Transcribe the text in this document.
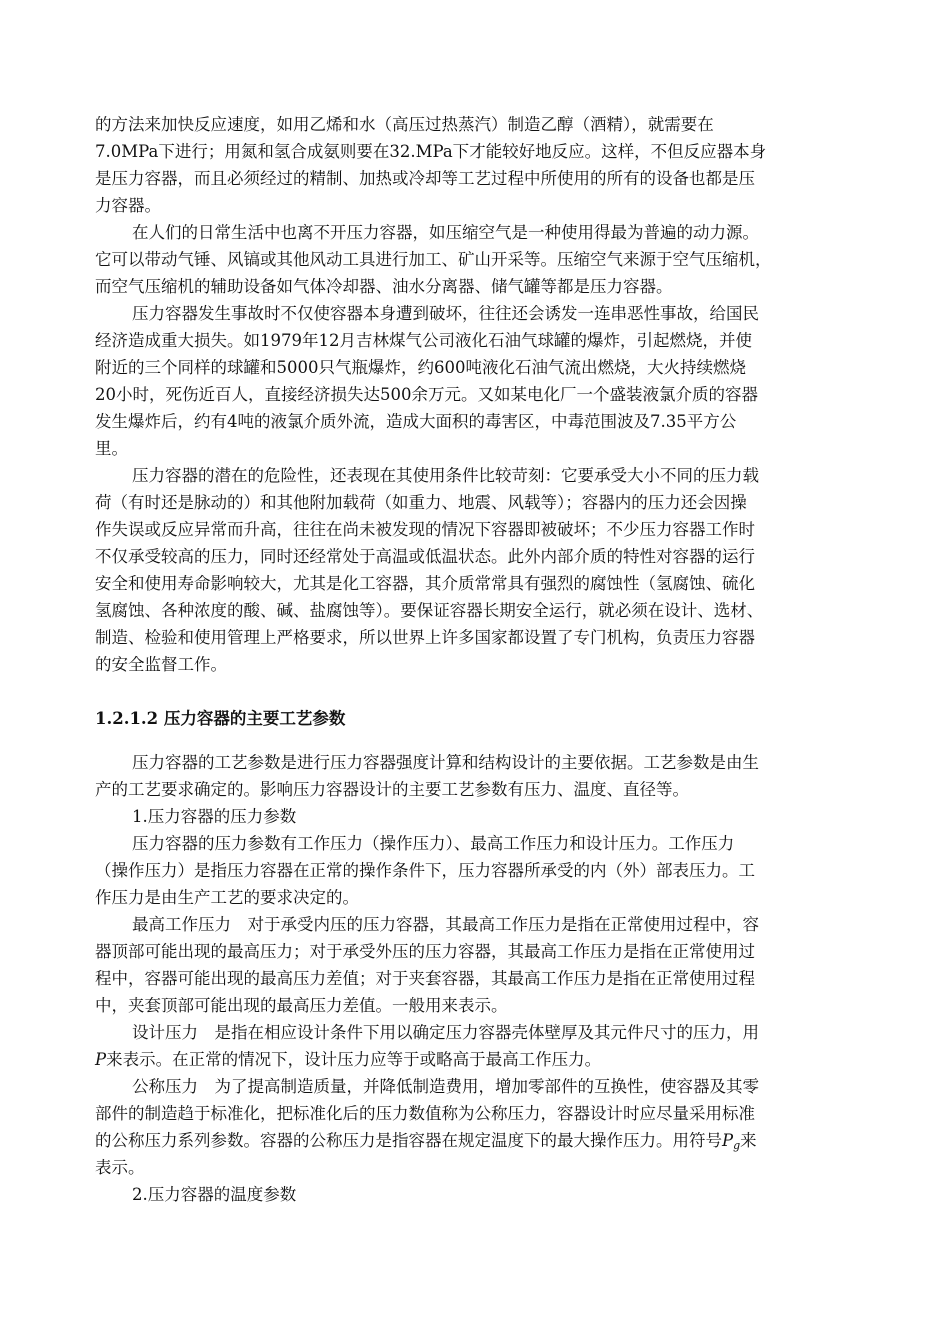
的方法来加快反应速度，如用乙烯和水（高压过热蒸汽）制造乙醇（酒精），就需要在
7.0MPa下进行；用氮和氢合成氨则要在32.MPa下才能较好地反应。这样，不但反应器本身
是压力容器，而且必须经过的精制、加热或冷却等工艺过程中所使用的所有的设备也都是压
力容器。
在人们的日常生活中也离不开压力容器，如压缩空气是一种使用得最为普遍的动力源。
它可以带动气锤、风镐或其他风动工具进行加工、矿山开采等。压缩空气来源于空气压缩机，
而空气压缩机的辅助设备如气体冷却器、油水分离器、储气罐等都是压力容器。
压力容器发生事故时不仅使容器本身遭到破坏，往往还会诱发一连串恶性事故，给国民
经济造成重大损失。如1979年12月吉林煤气公司液化石油气球罐的爆炸，引起燃烧，并使
附近的三个同样的球罐和5000只气瓶爆炸，约600吨液化石油气流出燃烧，大火持续燃烧
20小时，死伤近百人，直接经济损失达500余万元。又如某电化厂一个盛装液氯介质的容器
发生爆炸后，约有4吨的液氯介质外流，造成大面积的毒害区，中毒范围波及7.35平方公
里。
压力容器的潜在的危险性，还表现在其使用条件比较苛刻：它要承受大小不同的压力载
荷（有时还是脉动的）和其他附加载荷（如重力、地震、风载等）；容器内的压力还会因操
作失误或反应异常而升高，往往在尚未被发现的情况下容器即被破坏；不少压力容器工作时
不仅承受较高的压力，同时还经常处于高温或低温状态。此外内部介质的特性对容器的运行
安全和使用寿命影响较大，尤其是化工容器，其介质常常具有强烈的腐蚀性（氢腐蚀、硫化
氢腐蚀、各种浓度的酸、碱、盐腐蚀等）。要保证容器长期安全运行，就必须在设计、选材、
制造、检验和使用管理上严格要求，所以世界上许多国家都设置了专门机构，负责压力容器
的安全监督工作。
1.2.1.2 压力容器的主要工艺参数
压力容器的工艺参数是进行压力容器强度计算和结构设计的主要依据。工艺参数是由生
产的工艺要求确定的。影响压力容器设计的主要工艺参数有压力、温度、直径等。
1.压力容器的压力参数
压力容器的压力参数有工作压力（操作压力）、最高工作压力和设计压力。工作压力
（操作压力）是指压力容器在正常的操作条件下，压力容器所承受的内（外）部表压力。工
作压力是由生产工艺的要求决定的。
最高工作压力　对于承受内压的压力容器，其最高工作压力是指在正常使用过程中，容
器顶部可能出现的最高压力；对于承受外压的压力容器，其最高工作压力是指在正常使用过
程中，容器可能出现的最高压力差值；对于夹套容器，其最高工作压力是指在正常使用过程
中，夹套顶部可能出现的最高压力差值。一般用来表示。
设计压力　是指在相应设计条件下用以确定压力容器壳体壁厚及其元件尺寸的压力，用
P来表示。在正常的情况下，设计压力应等于或略高于最高工作压力。
公称压力　为了提高制造质量，并降低制造费用，增加零部件的互换性，使容器及其零
部件的制造趋于标准化，把标准化后的压力数值称为公称压力，容器设计时应尽量采用标准
的公称压力系列参数。容器的公称压力是指容器在规定温度下的最大操作压力。用符号$P_g$来
表示。
2.压力容器的温度参数
